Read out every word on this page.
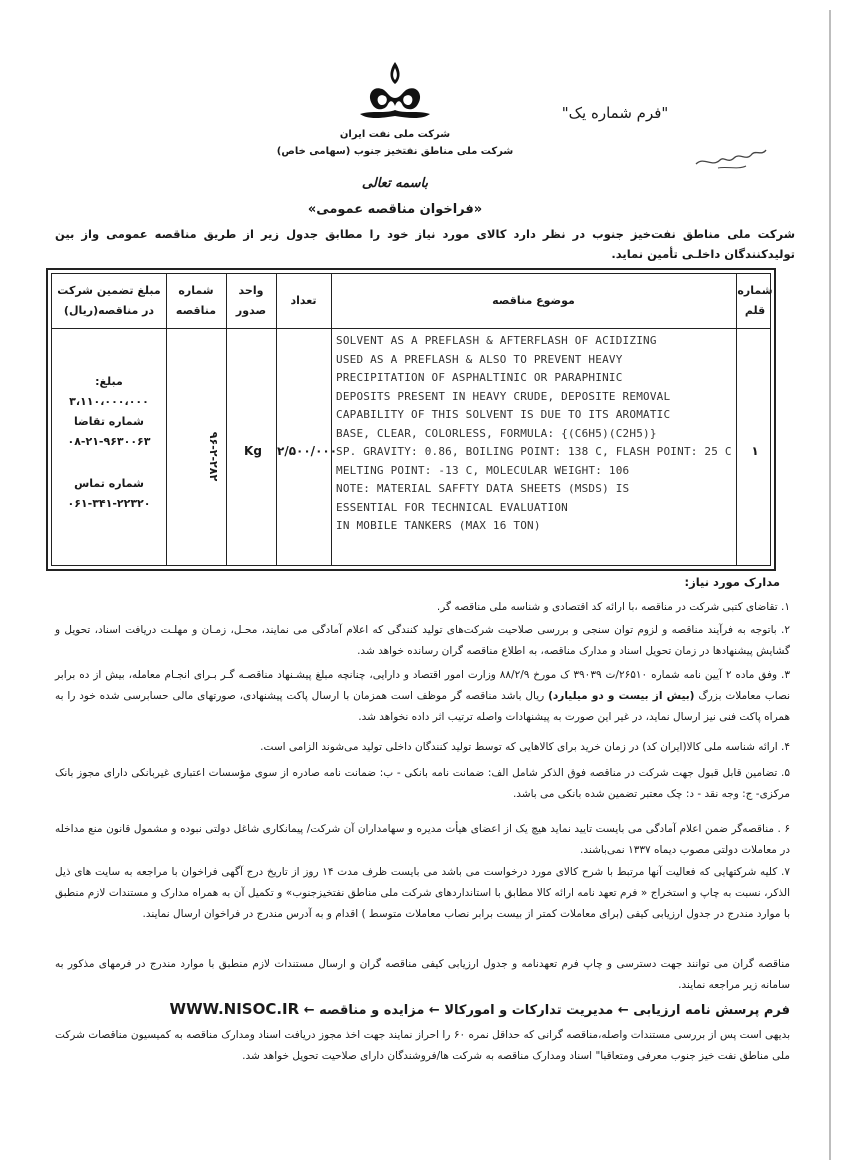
شرکت ملی نفت ایران
شرکت ملی مناطق نفتخیز جنوب (سهامی خاص)
"فرم شماره یک"
باسمه تعالی
«فراخوان مناقصه عمومی»
شرکت ملی مناطق نفت‌خیز جنوب در نظر دارد کالای مورد نیاز خود را مطابق جدول زیر از طریق مناقصه عمومی واز بین تولیدکنندگان داخلـی تأمین نماید.
شماره قلم
موضوع مناقصه
تعداد
واحد صدور
شماره مناقصه
مبلغ تضمین شرکت در مناقصه(ریال)
۱
SOLVENT AS A PREFLASH & AFTERFLASH OF ACIDIZING
USED AS A PREFLASH & ALSO TO PREVENT HEAVY
PRECIPITATION OF ASPHALTINIC OR PARAPHINIC
DEPOSITS PRESENT IN HEAVY CRUDE, DEPOSITE REMOVAL
CAPABILITY OF THIS SOLVENT IS DUE TO ITS AROMATIC
BASE, CLEAR, COLORLESS, FORMULA: {(C6H5)(C2H5)}
SP. GRAVITY: 0.86, BOILING POINT: 138 C, FLASH POINT: 25 C
MELTING POINT: -13 C, MOLECULAR WEIGHT: 106
NOTE: MATERIAL SAFFTY DATA SHEETS (MSDS) IS
ESSENTIAL FOR TECHNICAL EVALUATION
IN MOBILE TANKERS (MAX 16 TON)
۲/۵۰۰/۰۰۰
Kg
۹۶-۲-۲۸۲
مبلغ:
۳،۱۱۰،۰۰۰،۰۰۰
شماره تقاضا
۰۸-۲۱-۹۶۳۰۰۶۳
شماره تماس
۰۶۱-۳۴۱-۲۲۳۲۰
مدارک مورد نیاز:
۱. تقاضای کتبی شرکت در مناقصه ،با ارائه کد اقتصادی و شناسه ملی مناقصه گر.
۲. باتوجه به فرآیند مناقصه و لزوم توان سنجی و بررسی صلاحیت شرکت‌های تولید کنندگی که اعلام آمادگی می نمایند، محـل، زمـان و مهلـت دریافت اسناد، تحویل و گشایش پیشنهادها در زمان تحویل اسناد و مدارک مناقصه، به اطلاع مناقصه گران رسانده خواهد شد.
۳. وفق ماده ۲ آیین نامه شماره ۲۶۵۱۰/ت ۳۹۰۳۹ ک مورخ ۸۸/۲/۹ وزارت امور اقتصاد و دارایی، چنانچه مبلغ پیشـنهاد مناقصـه گـر بـرای انجـام معامله، بیش از ده برابر نصاب معاملات بزرگ (بیش از بیست و دو میلیارد) ریال باشد مناقصه گر موظف است همزمان با ارسال پاکت پیشنهادی، صورتهای مالی حسابرسی شده خود را به همراه پاکت فنی نیز ارسال نماید، در غیر این صورت به پیشنهادات واصله ترتیب اثر داده نخواهد شد.
۴. ارائه شناسه ملی کالا(ایران کد) در زمان خرید برای کالاهایی که توسط تولید کنندگان داخلی تولید می‌شوند الزامی است.
۵. تضامین قابل قبول جهت شرکت در مناقصه فوق الذکر شامل الف: ضمانت نامه بانکی - ب: ضمانت نامه صادره از سوی مؤسسات اعتباری غیربانکی دارای مجوز بانک مرکزی- ج: وجه نقد - د: چک معتبر تضمین شده بانکی می باشد.
۶ . مناقصه‌گر ضمن اعلام آمادگی می بایست تایید نماید هیچ یک از اعضای هیأت مدیره و سهامداران آن شرکت/ پیمانکاری شاغل دولتی نبوده و مشمول قانون منع مداخله در معاملات دولتی مصوب دیماه ۱۳۳۷ نمی‌باشند.
۷. کلیه شرکتهایی که فعالیت آنها مرتبط با شرح کالای مورد درخواست می باشد می بایست ظرف مدت ۱۴ روز از تاریخ درج آگهی فراخوان با مراجعه به سایت های ذیل الذکر، نسبت به چاپ و استخراج « فرم تعهد نامه ارائه کالا مطابق با استانداردهای شرکت ملی مناطق نفتخیزجنوب» و تکمیل آن به همراه مدارک و مستندات لازم منطبق با موارد مندرج در جدول ارزیابی کیفی (برای معاملات کمتر از بیست برابر نصاب معاملات متوسط ) اقدام و به آدرس مندرج در فراخوان ارسال نمایند.
مناقصه گران می توانند جهت دسترسی و چاپ فرم تعهدنامه و جدول ارزیابی کیفی مناقصه گران و ارسال مستندات لازم منطبق با موارد مندرج در فرمهای مذکور به سامانه زیر مراجعه نمایند.
فرم پرسش نامه ارزیابی ← مدیریت تدارکات و امورکالا ← مزایده و مناقصه ← WWW.NISOC.IR
بدیهی است پس از بررسی مستندات واصله،مناقصه گرانی که حداقل نمره ۶۰ را احراز نمایند جهت اخذ مجوز دریافت اسناد ومدارک مناقصه به کمیسیون مناقصات شرکت ملی مناطق نفت خیز جنوب معرفی ومتعاقبا" اسناد ومدارک مناقصه به شرکت ها/فروشندگان دارای صلاحیت تحویل خواهد شد.
